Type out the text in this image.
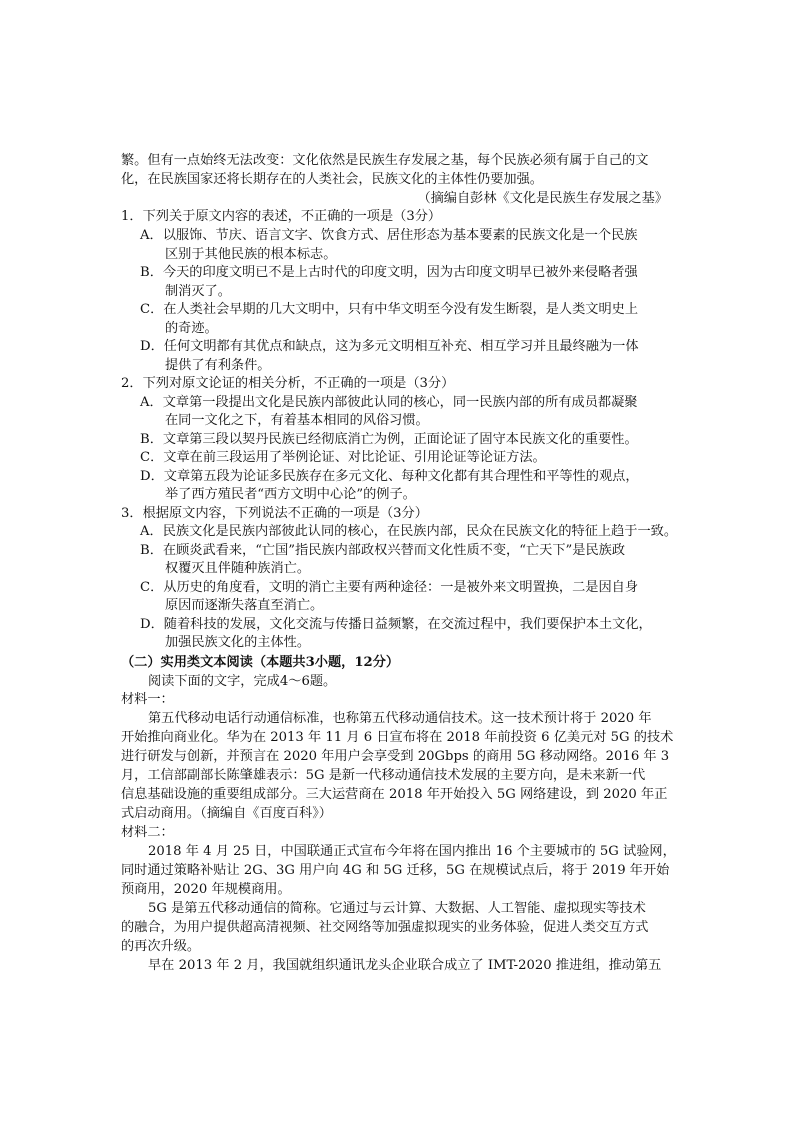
繁。但有一点始终无法改变：文化依然是民族生存发展之基，每个民族必须有属于自己的文
化，在民族国家还将长期存在的人类社会，民族文化的主体性仍要加强。
（摘编自彭林《文化是民族生存发展之基》
1．下列关于原文内容的表述，不正确的一项是（3分）
A．以服饰、节庆、语言文字、饮食方式、居住形态为基本要素的民族文化是一个民族
区别于其他民族的根本标志。
B．今天的印度文明已不是上古时代的印度文明，因为古印度文明早已被外来侵略者强
制消灭了。
C．在人类社会早期的几大文明中，只有中华文明至今没有发生断裂，是人类文明史上
的奇迹。
D．任何文明都有其优点和缺点，这为多元文明相互补充、相互学习并且最终融为一体
提供了有利条件。
2．下列对原文论证的相关分析，不正确的一项是（3分）
A．文章第一段提出文化是民族内部彼此认同的核心，同一民族内部的所有成员都凝聚
在同一文化之下，有着基本相同的风俗习惯。
B．文章第三段以契丹民族已经彻底消亡为例，正面论证了固守本民族文化的重要性。
C．文章在前三段运用了举例论证、对比论证、引用论证等论证方法。
D．文章第五段为论证多民族存在多元文化、每种文化都有其合理性和平等性的观点，
举了西方殖民者“西方文明中心论”的例子。
3．根据原文内容，下列说法不正确的一项是（3分）
A．民族文化是民族内部彼此认同的核心，在民族内部，民众在民族文化的特征上趋于一致。
B．在顾炎武看来，“亡国”指民族内部政权兴替而文化性质不变，“亡天下”是民族政
权覆灭且伴随种族消亡。
C．从历史的角度看，文明的消亡主要有两种途径：一是被外来文明置换，二是因自身
原因而逐渐失落直至消亡。
D．随着科技的发展，文化交流与传播日益频繁，在交流过程中，我们要保护本土文化，
加强民族文化的主体性。
（二）实用类文本阅读（本题共3小题，12分）
阅读下面的文字，完成4～6题。
材料一：
第五代移动电话行动通信标准，也称第五代移动通信技术。这一技术预计将于 2020 年
开始推向商业化。华为在 2013 年 11 月 6 日宣布将在 2018 年前投资 6 亿美元对 5G 的技术
进行研发与创新，并预言在 2020 年用户会享受到 20Gbps 的商用 5G 移动网络。2016 年 3
月，工信部副部长陈肇雄表示：5G 是新一代移动通信技术发展的主要方向，是未来新一代
信息基础设施的重要组成部分。三大运营商在 2018 年开始投入 5G 网络建设，到 2020 年正
式启动商用。（摘编自《百度百科》）
材料二：
2018 年 4 月 25 日，中国联通正式宣布今年将在国内推出 16 个主要城市的 5G 试验网，
同时通过策略补贴让 2G、3G 用户向 4G 和 5G 迁移，5G 在规模试点后，将于 2019 年开始
预商用，2020 年规模商用。
5G 是第五代移动通信的简称。它通过与云计算、大数据、人工智能、虚拟现实等技术
的融合，为用户提供超高清视频、社交网络等加强虚拟现实的业务体验，促进人类交互方式
的再次升级。
早在 2013 年 2 月，我国就组织通讯龙头企业联合成立了 IMT-2020 推进组，推动第五
